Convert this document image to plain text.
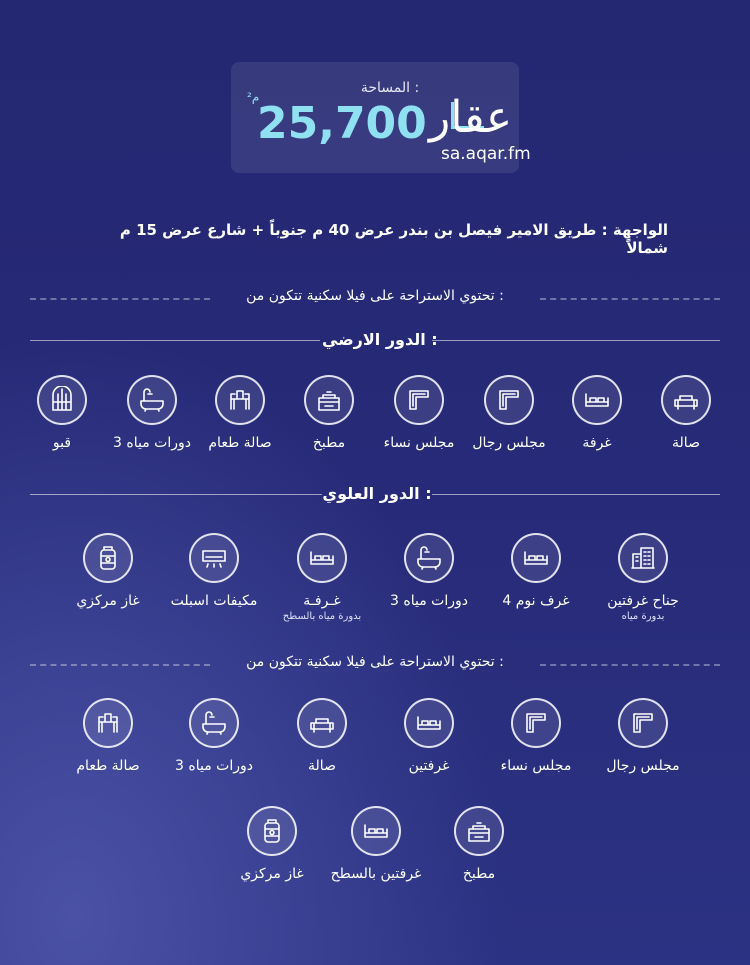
المساحة :
م²
25,700 عقار
sa.aqar.fm
الواجهة : طريق الامير فيصل بن بندر عرض 40 م جنوباً + شارع عرض 15 م شمالاً
تحتوي الاستراحة على فيلا سكنية تتكون من :
الدور الارضي :
صالة
غرفة
مجلس رجال
مجلس نساء
مطبخ
صالة طعام
3 دورات مياه
قبو
الدور العلوي :
جناح غرفتين
بدورة مياه
4 غرف نوم
3 دورات مياه
غـرفـة
بدورة مياه بالسطح
مكيفات اسبلت
غاز مركزي
تحتوي الاستراحة على فيلا سكنية تتكون من :
مجلس رجال
مجلس نساء
غرفتين
صالة
3 دورات مياه
صالة طعام
مطبخ
غرفتين بالسطح
غاز مركزي
